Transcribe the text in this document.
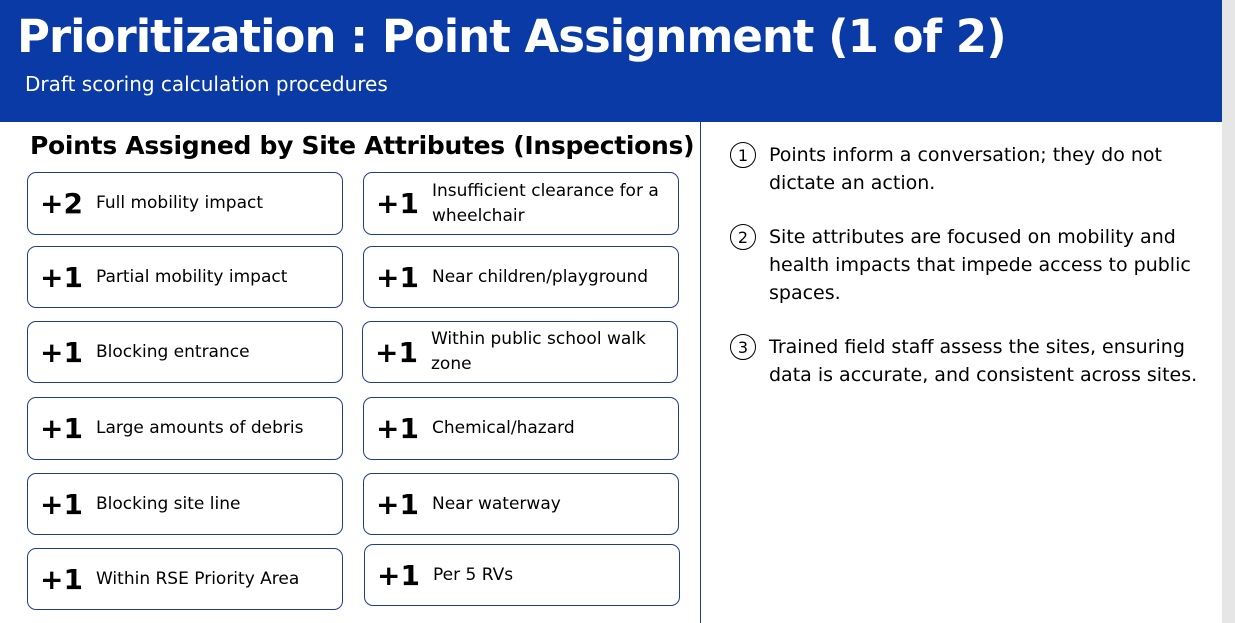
Prioritization : Point Assignment (1 of 2)
Draft scoring calculation procedures
Points Assigned by Site Attributes (Inspections)
+2 Full mobility impact	+1 Insufficient clearance for a wheelchair
+1 Partial mobility impact	+1 Near children/playground
+1 Blocking entrance	+1 Within public school walk zone
+1 Large amounts of debris	+1 Chemical/hazard
+1 Blocking site line	+1 Near waterway
+1 Within RSE Priority Area	+1 Per 5 RVs
1	Points inform a conversation; they do not dictate an action.
2	Site attributes are focused on mobility and health impacts that impede access to public spaces.
3	Trained field staff assess the sites, ensuring data is accurate, and consistent across sites.
